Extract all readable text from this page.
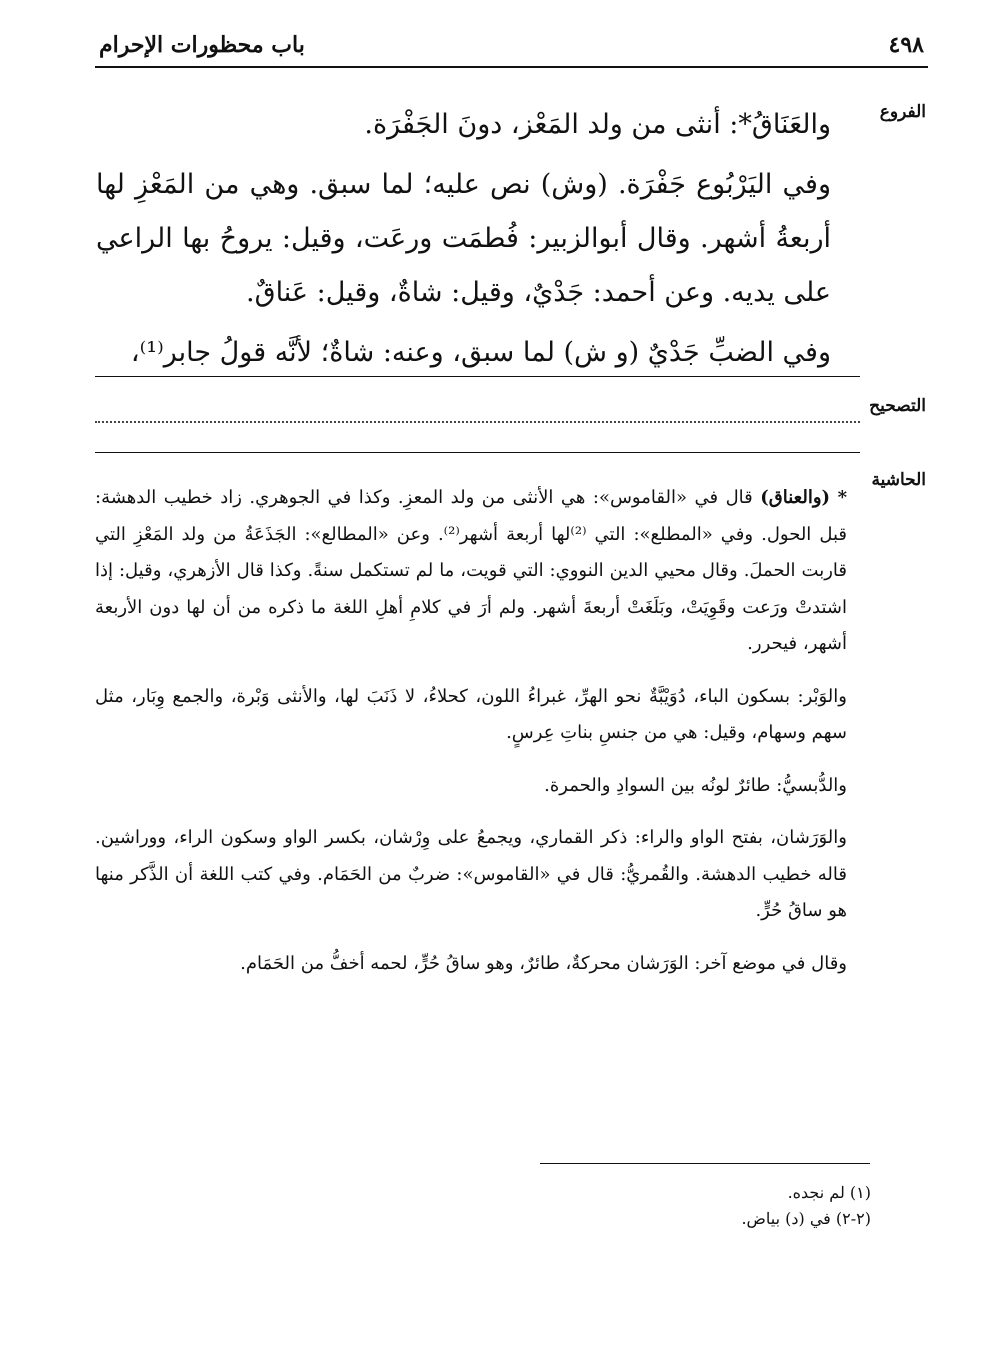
٤٩٨
باب محظورات الإحرام
الفروع
التصحيح
الحاشية

والعَنَاقُ*: أنثى من ولد المَعْز، دونَ الجَفْرَة.

وفي اليَرْبُوع جَفْرَة. (وش) نص عليه؛ لما سبق. وهي من المَعْزِ لها أربعةُ أشهر. وقال أبوالزبير: فُطمَت ورعَت، وقيل: يروحُ بها الراعي على يديه. وعن أحمد: جَدْيٌ، وقيل: شاةٌ، وقيل: عَناقٌ.

وفي الضبِّ جَدْيٌ (و ش) لما سبق، وعنه: شاةٌ؛ لأنَّه قولُ جابر⁽¹⁾،

* (والعناق) قال في «القاموس»: هي الأنثى من ولد المعزِ. وكذا في الجوهري. زاد خطيب الدهشة: قبل الحول. وفي «المطلع»: التي ⁽²⁾لها أربعة أشهر⁽²⁾. وعن «المطالع»: الجَذَعَةُ من ولد المَعْزِ التي قاربت الحملَ. وقال محيي الدين النووي: التي قويت، ما لم تستكمل سنةً. وكذا قال الأزهري، وقيل: إذا اشتدتْ ورَعت وقَوِيَتْ، وبَلَغَتْ أربعةَ أشهر. ولم أرَ في كلامِ أهلِ اللغة ما ذكره من أن لها دون الأربعة أشهر، فيحرر.

والوَبْر: بسكون الباء، دُوَيْبَّةٌ نحو الهرِّ، غبراءُ اللون، كحلاءُ، لا ذَنَبَ لها، والأنثى وَبْرة، والجمع وِبَار، مثل سهم وسهام، وقيل: هي من جنسِ بناتِ عِرسٍ.

والدُّبسيُّ: طائرٌ لونُه بين السوادِ والحمرة.

والوَرَشان، بفتح الواو والراء: ذكر القماري، ويجمعُ على وِرْشان، بكسر الواو وسكون الراء، ووراشين. قاله خطيب الدهشة. والقُمريُّ: قال في «القاموس»: ضربٌ من الحَمَام. وفي كتب اللغة أن الذَّكر منها هو ساقُ حُرٍّ.

وقال في موضع آخر: الوَرَشان محركةٌ، طائرٌ، وهو ساقُ حُرٍّ، لحمه أخفُّ من الحَمَام.

(١) لم نجده.
(٢-٢) في (د) بياض.
